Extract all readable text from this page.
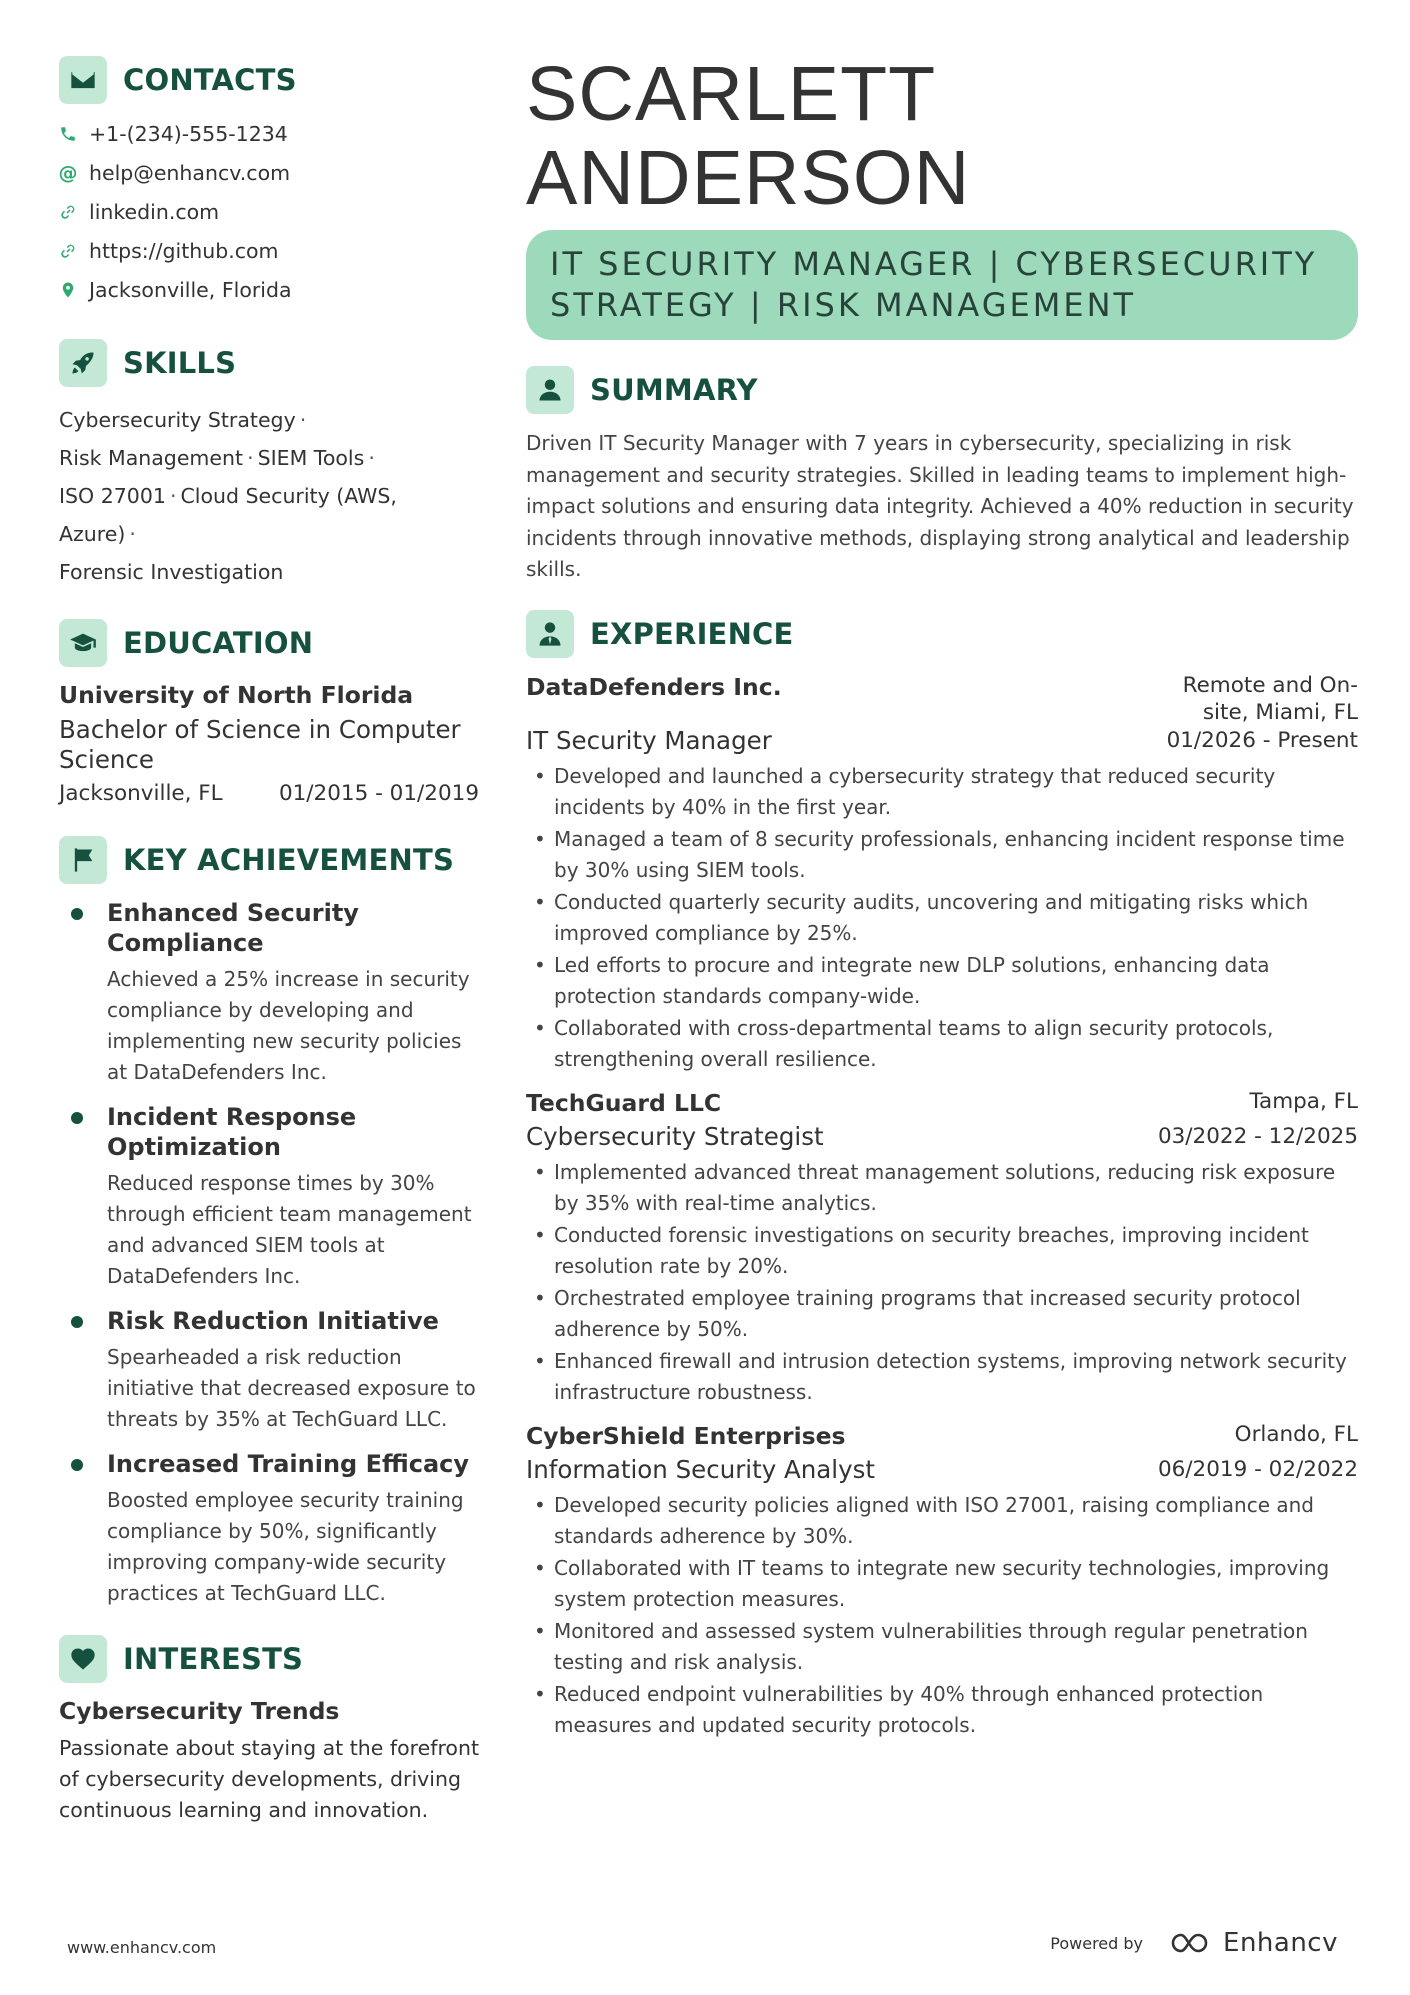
CONTACTS
+1-(234)-555-1234
@ help@enhancv.com
linkedin.com
https://github.com
Jacksonville, Florida
SKILLS
Cybersecurity Strategy ·
Risk Management · SIEM Tools ·
ISO 27001 · Cloud Security (AWS, Azure) ·
Forensic Investigation
EDUCATION
University of North Florida
Bachelor of Science in Computer Science
Jacksonville, FL	01/2015 - 01/2019
KEY ACHIEVEMENTS
Enhanced Security Compliance
Achieved a 25% increase in security compliance by developing and implementing new security policies at DataDefenders Inc.
Incident Response Optimization
Reduced response times by 30% through efficient team management and advanced SIEM tools at DataDefenders Inc.
Risk Reduction Initiative
Spearheaded a risk reduction initiative that decreased exposure to threats by 35% at TechGuard LLC.
Increased Training Efficacy
Boosted employee security training compliance by 50%, significantly improving company-wide security practices at TechGuard LLC.
INTERESTS
Cybersecurity Trends
Passionate about staying at the forefront of cybersecurity developments, driving continuous learning and innovation.
SCARLETT
ANDERSON
IT SECURITY MANAGER | CYBERSECURITY STRATEGY | RISK MANAGEMENT
SUMMARY
Driven IT Security Manager with 7 years in cybersecurity, specializing in risk management and security strategies. Skilled in leading teams to implement high-impact solutions and ensuring data integrity. Achieved a 40% reduction in security incidents through innovative methods, displaying strong analytical and leadership skills.
EXPERIENCE
DataDefenders Inc.	Remote and On-site, Miami, FL
IT Security Manager	01/2026 - Present
• Developed and launched a cybersecurity strategy that reduced security incidents by 40% in the first year.
• Managed a team of 8 security professionals, enhancing incident response time by 30% using SIEM tools.
• Conducted quarterly security audits, uncovering and mitigating risks which improved compliance by 25%.
• Led efforts to procure and integrate new DLP solutions, enhancing data protection standards company-wide.
• Collaborated with cross-departmental teams to align security protocols, strengthening overall resilience.
TechGuard LLC	Tampa, FL
Cybersecurity Strategist	03/2022 - 12/2025
• Implemented advanced threat management solutions, reducing risk exposure by 35% with real-time analytics.
• Conducted forensic investigations on security breaches, improving incident resolution rate by 20%.
• Orchestrated employee training programs that increased security protocol adherence by 50%.
• Enhanced firewall and intrusion detection systems, improving network security infrastructure robustness.
CyberShield Enterprises	Orlando, FL
Information Security Analyst	06/2019 - 02/2022
• Developed security policies aligned with ISO 27001, raising compliance and standards adherence by 30%.
• Collaborated with IT teams to integrate new security technologies, improving system protection measures.
• Monitored and assessed system vulnerabilities through regular penetration testing and risk analysis.
• Reduced endpoint vulnerabilities by 40% through enhanced protection measures and updated security protocols.
www.enhancv.com	Powered by	Enhancv
